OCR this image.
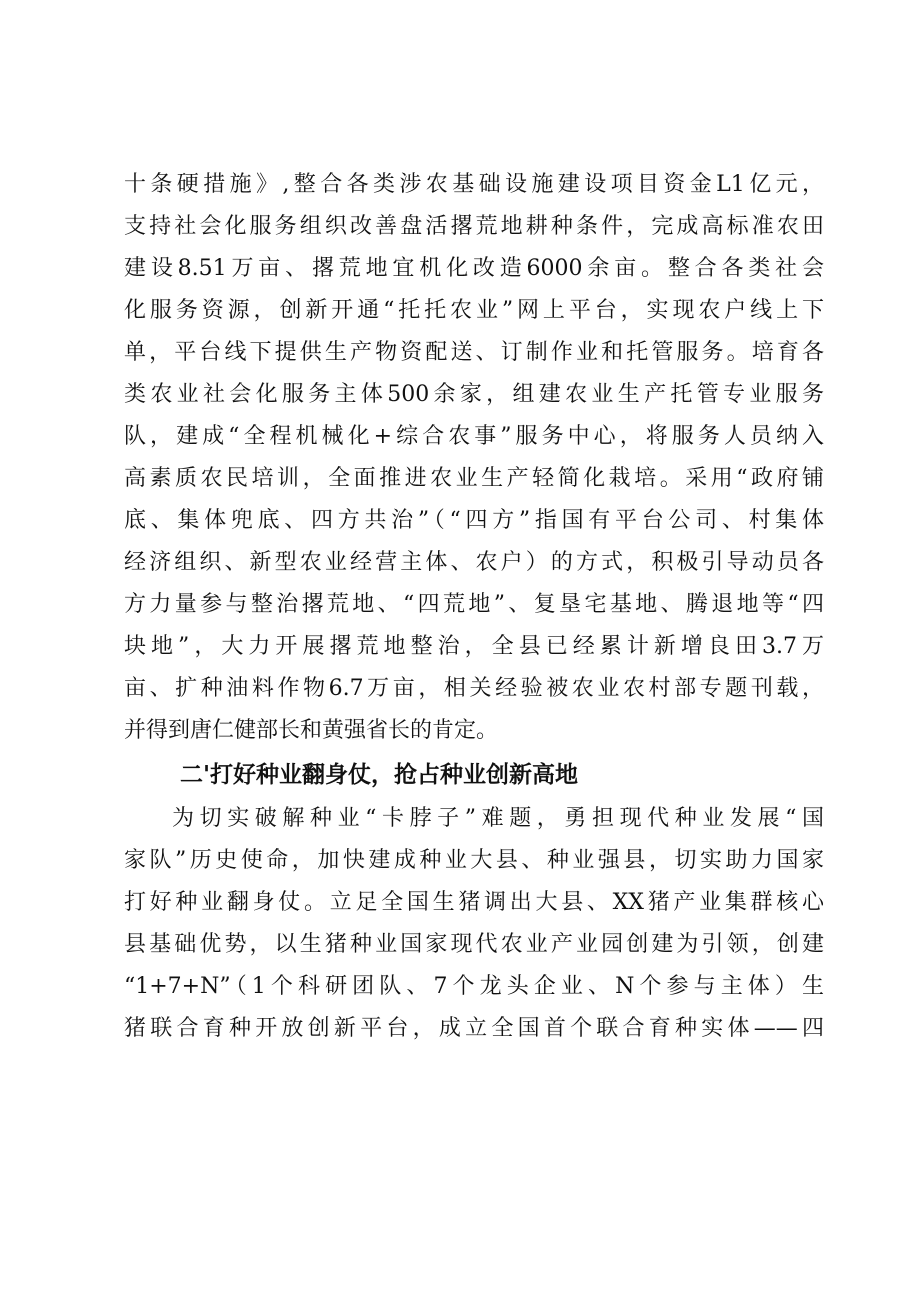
十条硬措施》,整合各类涉农基础设施建设项目资金L1亿元，
支持社会化服务组织改善盘活撂荒地耕种条件，完成高标准农田
建设8.51万亩、撂荒地宜机化改造6000余亩。整合各类社会
化服务资源，创新开通“托托农业”网上平台，实现农户线上下
单，平台线下提供生产物资配送、订制作业和托管服务。培育各
类农业社会化服务主体500余家，组建农业生产托管专业服务
队，建成“全程机械化+综合农事”服务中心，将服务人员纳入
高素质农民培训，全面推进农业生产轻简化栽培。采用“政府铺
底、集体兜底、四方共治”（“四方”指国有平台公司、村集体
经济组织、新型农业经营主体、农户）的方式，积极引导动员各
方力量参与整治撂荒地、“四荒地”、复垦宅基地、腾退地等“四
块地”，大力开展撂荒地整治，全县已经累计新增良田3.7万
亩、扩种油料作物6.7万亩，相关经验被农业农村部专题刊载，
并得到唐仁健部长和黄强省长的肯定。
二'打好种业翻身仗，抢占种业创新高地
为切实破解种业“卡脖子”难题，勇担现代种业发展“国
家队”历史使命，加快建成种业大县、种业强县，切实助力国家
打好种业翻身仗。立足全国生猪调出大县、XX猪产业集群核心
县基础优势，以生猪种业国家现代农业产业园创建为引领，创建
“1+7+N”（1个科研团队、7个龙头企业、N个参与主体）生
猪联合育种开放创新平台，成立全国首个联合育种实体——四
